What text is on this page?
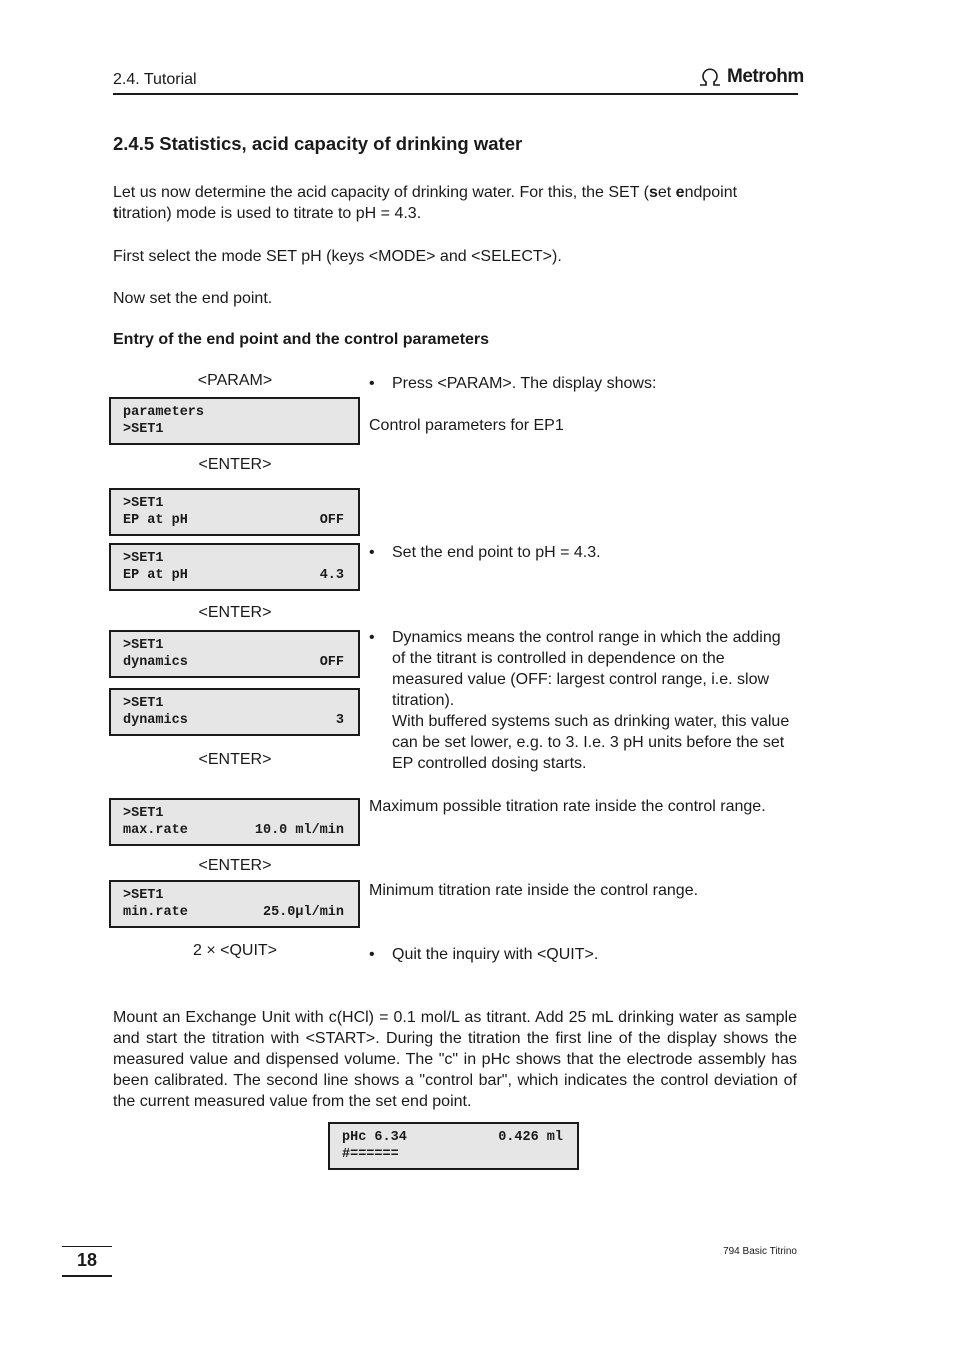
2.4. Tutorial	Metrohm
2.4.5 Statistics, acid capacity of drinking water
Let us now determine the acid capacity of drinking water. For this, the SET (set endpoint
titration) mode is used to titrate to pH = 4.3.
First select the mode SET pH (keys <MODE> and <SELECT>).
Now set the end point.
Entry of the end point and the control parameters
<PARAM>
parameters
>SET1
<ENTER>
>SET1
EP at pH	OFF
>SET1
EP at pH	4.3
<ENTER>
>SET1
dynamics	OFF
>SET1
dynamics	3
<ENTER>
>SET1
max.rate	10.0 ml/min
<ENTER>
>SET1
min.rate	25.0µl/min
2 × <QUIT>
• Press <PARAM>. The display shows:
Control parameters for EP1
• Set the end point to pH = 4.3.
• Dynamics means the control range in which the adding of the titrant is controlled in dependence on the measured value (OFF: largest control range, i.e. slow titration).
With buffered systems such as drinking water, this value can be set lower, e.g. to 3. I.e. 3 pH units before the set EP controlled dosing starts.
Maximum possible titration rate inside the control range.
Minimum titration rate inside the control range.
• Quit the inquiry with <QUIT>.
Mount an Exchange Unit with c(HCl) = 0.1 mol/L as titrant. Add 25 mL drinking water as sample and start the titration with <START>. During the titration the first line of the display shows the measured value and dispensed volume. The "c" in pHc shows that the electrode assembly has been calibrated. The second line shows a "control bar", which indicates the control deviation of the current measured value from the set end point.
pHc 6.34	0.426 ml
#======
18	794 Basic Titrino
